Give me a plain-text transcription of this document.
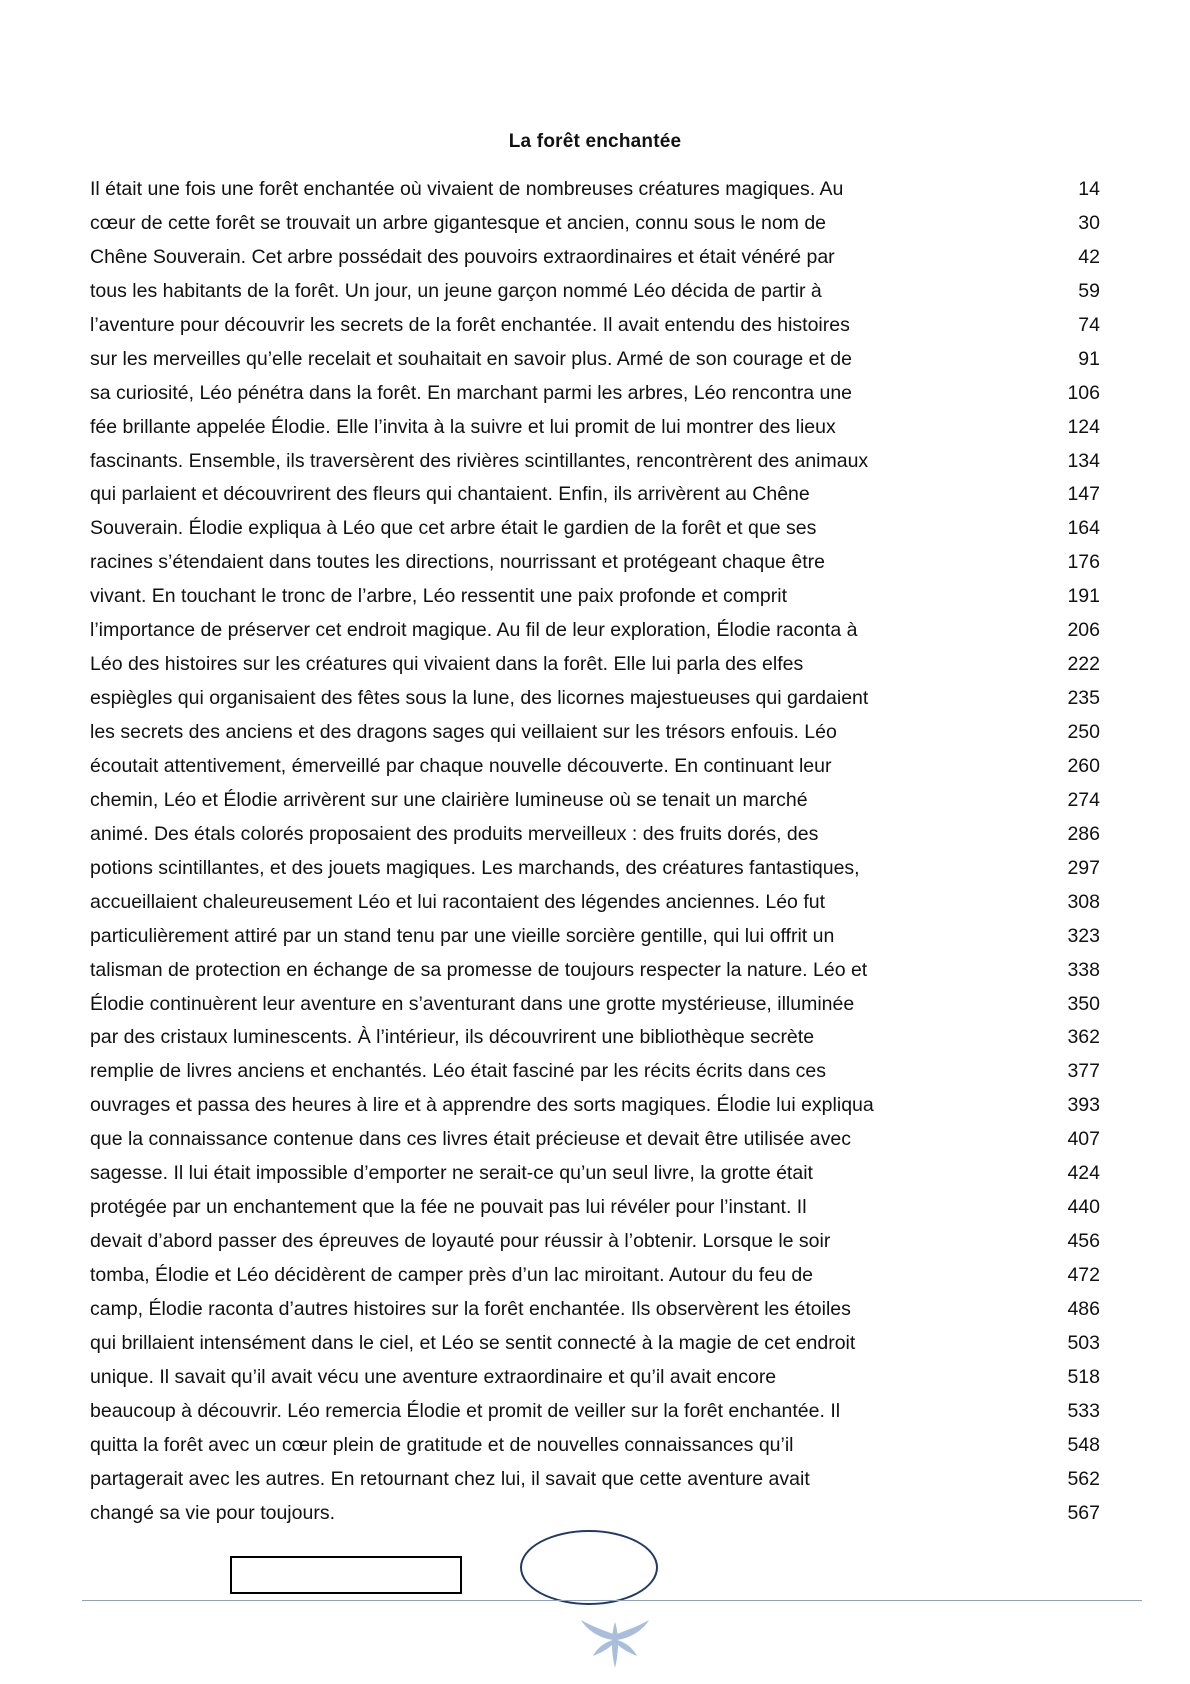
La forêt enchantée
Il était une fois une forêt enchantée où vivaient de nombreuses créatures magiques. Au	14
cœur de cette forêt se trouvait un arbre gigantesque et ancien, connu sous le nom de	30
Chêne Souverain. Cet arbre possédait des pouvoirs extraordinaires et était vénéré par	42
tous les habitants de la forêt. Un jour, un jeune garçon nommé Léo décida de partir à	59
l’aventure pour découvrir les secrets de la forêt enchantée. Il avait entendu des histoires	74
sur les merveilles qu’elle recelait et souhaitait en savoir plus. Armé de son courage et de	91
sa curiosité, Léo pénétra dans la forêt. En marchant parmi les arbres, Léo rencontra une	106
fée brillante appelée Élodie. Elle l’invita à la suivre et lui promit de lui montrer des lieux	124
fascinants. Ensemble, ils traversèrent des rivières scintillantes, rencontrèrent des animaux	134
qui parlaient et découvrirent des fleurs qui chantaient. Enfin, ils arrivèrent au Chêne	147
Souverain. Élodie expliqua à Léo que cet arbre était le gardien de la forêt et que ses	164
racines s’étendaient dans toutes les directions, nourrissant et protégeant chaque être	176
vivant. En touchant le tronc de l’arbre, Léo ressentit une paix profonde et comprit	191
l’importance de préserver cet endroit magique. Au fil de leur exploration, Élodie raconta à	206
Léo des histoires sur les créatures qui vivaient dans la forêt. Elle lui parla des elfes	222
espiègles qui organisaient des fêtes sous la lune, des licornes majestueuses qui gardaient	235
les secrets des anciens et des dragons sages qui veillaient sur les trésors enfouis. Léo	250
écoutait attentivement, émerveillé par chaque nouvelle découverte. En continuant leur	260
chemin, Léo et Élodie arrivèrent sur une clairière lumineuse où se tenait un marché	274
animé. Des étals colorés proposaient des produits merveilleux : des fruits dorés, des	286
potions scintillantes, et des jouets magiques. Les marchands, des créatures fantastiques,	297
accueillaient chaleureusement Léo et lui racontaient des légendes anciennes. Léo fut	308
particulièrement attiré par un stand tenu par une vieille sorcière gentille, qui lui offrit un	323
talisman de protection en échange de sa promesse de toujours respecter la nature. Léo et	338
Élodie continuèrent leur aventure en s’aventurant dans une grotte mystérieuse, illuminée	350
par des cristaux luminescents. À l’intérieur, ils découvrirent une bibliothèque secrète	362
remplie de livres anciens et enchantés. Léo était fasciné par les récits écrits dans ces	377
ouvrages et passa des heures à lire et à apprendre des sorts magiques. Élodie lui expliqua	393
que la connaissance contenue dans ces livres était précieuse et devait être utilisée avec	407
sagesse. Il lui était impossible d’emporter ne serait-ce qu’un seul livre, la grotte était	424
protégée par un enchantement que la fée ne pouvait pas lui révéler pour l’instant. Il	440
devait d’abord passer des épreuves de loyauté pour réussir à l’obtenir. Lorsque le soir	456
tomba, Élodie et Léo décidèrent de camper près d’un lac miroitant. Autour du feu de	472
camp, Élodie raconta d’autres histoires sur la forêt enchantée. Ils observèrent les étoiles	486
qui brillaient intensément dans le ciel, et Léo se sentit connecté à la magie de cet endroit	503
unique. Il savait qu’il avait vécu une aventure extraordinaire et qu’il avait encore	518
beaucoup à découvrir. Léo remercia Élodie et promit de veiller sur la forêt enchantée. Il	533
quitta la forêt avec un cœur plein de gratitude et de nouvelles connaissances qu’il	548
partagerait avec les autres. En retournant chez lui, il savait que cette aventure avait	562
changé sa vie pour toujours.	567
